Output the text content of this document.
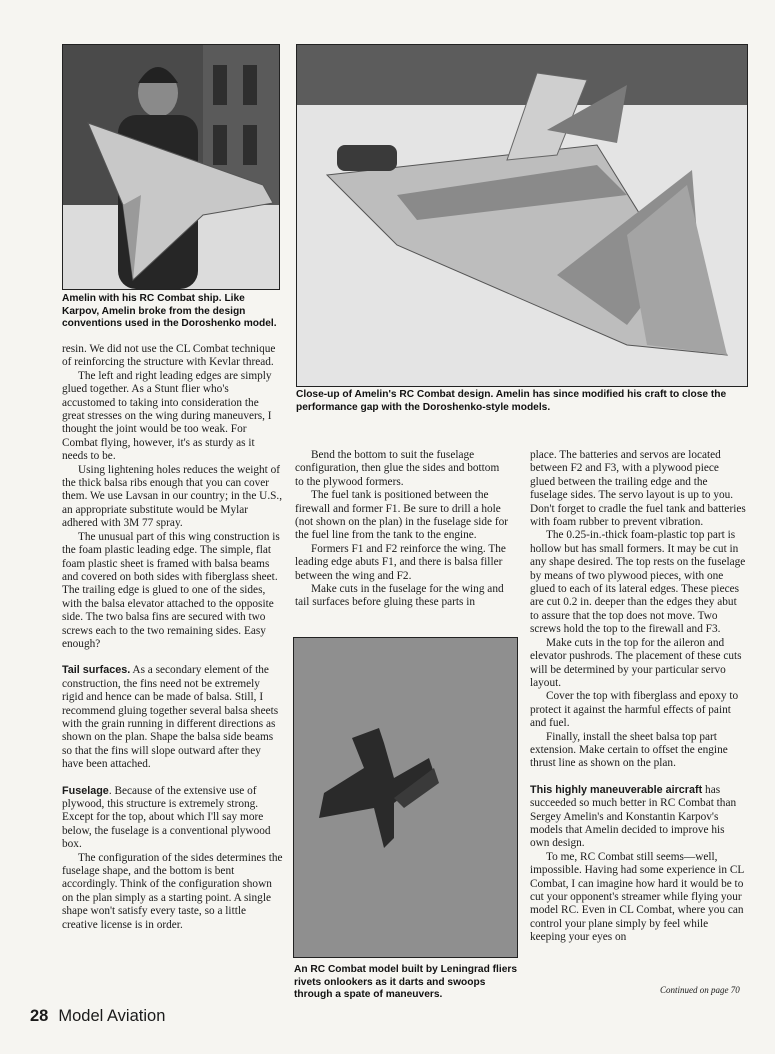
Amelin with his RC Combat ship. Like Karpov, Amelin broke from the design conventions used in the Doroshenko model.
Close-up of Amelin's RC Combat design. Amelin has since modified his craft to close the performance gap with the Doroshenko-style models.
An RC Combat model built by Leningrad fliers rivets onlookers as it darts and swoops through a spate of maneuvers.

resin. We did not use the CL Combat technique of reinforcing the structure with Kevlar thread.

The left and right leading edges are simply glued together. As a Stunt flier who's accustomed to taking into consideration the great stresses on the wing during maneuvers, I thought the joint would be too weak. For Combat flying, however, it's as sturdy as it needs to be.

Using lightening holes reduces the weight of the thick balsa ribs enough that you can cover them. We use Lavsan in our country; in the U.S., an appropriate substitute would be Mylar adhered with 3M 77 spray.

The unusual part of this wing construction is the foam plastic leading edge. The simple, flat foam plastic sheet is framed with balsa beams and covered on both sides with fiberglass sheet. The trailing edge is glued to one of the sides, with the balsa elevator attached to the opposite side. The two balsa fins are secured with two screws each to the two remaining sides. Easy enough?

Tail surfaces. As a secondary element of the construction, the fins need not be extremely rigid and hence can be made of balsa. Still, I recommend gluing together several balsa sheets with the grain running in different directions as shown on the plan. Shape the balsa side beams so that the fins will slope outward after they have been attached.

Fuselage. Because of the extensive use of plywood, this structure is extremely strong. Except for the top, about which I'll say more below, the fuselage is a conventional plywood box.

The configuration of the sides determines the fuselage shape, and the bottom is bent accordingly. Think of the configuration shown on the plan simply as a starting point. A single shape won't satisfy every taste, so a little creative license is in order.

Bend the bottom to suit the fuselage configuration, then glue the sides and bottom to the plywood formers.

The fuel tank is positioned between the firewall and former F1. Be sure to drill a hole (not shown on the plan) in the fuselage side for the fuel line from the tank to the engine.

Formers F1 and F2 reinforce the wing. The leading edge abuts F1, and there is balsa filler between the wing and F2.

Make cuts in the fuselage for the wing and tail surfaces before gluing these parts in

place. The batteries and servos are located between F2 and F3, with a plywood piece glued between the trailing edge and the fuselage sides. The servo layout is up to you. Don't forget to cradle the fuel tank and batteries with foam rubber to prevent vibration.

The 0.25-in.-thick foam-plastic top part is hollow but has small formers. It may be cut in any shape desired. The top rests on the fuselage by means of two plywood pieces, with one glued to each of its lateral edges. These pieces are cut 0.2 in. deeper than the edges they abut to assure that the top does not move. Two screws hold the top to the firewall and F3.

Make cuts in the top for the aileron and elevator pushrods. The placement of these cuts will be determined by your particular servo layout.

Cover the top with fiberglass and epoxy to protect it against the harmful effects of paint and fuel.

Finally, install the sheet balsa top part extension. Make certain to offset the engine thrust line as shown on the plan.

This highly maneuverable aircraft has succeeded so much better in RC Combat than Sergey Amelin's and Konstantin Karpov's models that Amelin decided to improve his own design.

To me, RC Combat still seems—well, impossible. Having had some experience in CL Combat, I can imagine how hard it would be to cut your opponent's streamer while flying your model RC. Even in CL Combat, where you can control your plane simply by feel while keeping your eyes on

Continued on page 70
28 Model Aviation
